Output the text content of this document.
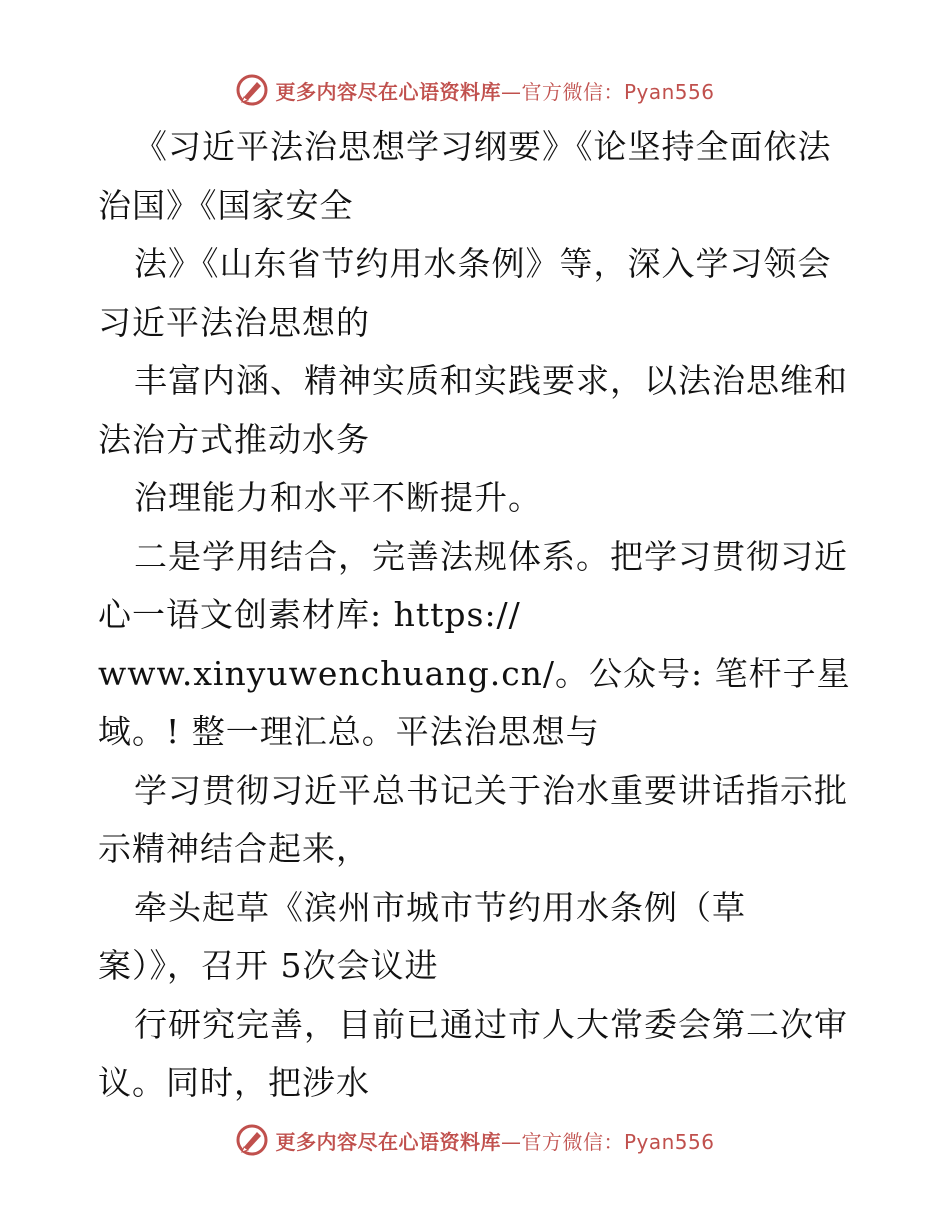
更多内容尽在心语资料库—官方微信：Pyan556
《习近平法治思想学习纲要》《论坚持全面依法
治国》《国家安全
法》《山东省节约用水条例》等，深入学习领会
习近平法治思想的
丰富内涵、精神实质和实践要求，以法治思维和
法治方式推动水务
治理能力和水平不断提升。
二是学用结合，完善法规体系。把学习贯彻习近
心一语文创素材库: https://
www.xinyuwenchuang.cn/。公众号: 笔杆子星
域。! 整一理汇总。平法治思想与
学习贯彻习近平总书记关于治水重要讲话指示批
示精神结合起来，
牵头起草《滨州市城市节约用水条例（草
案）》，召开 5次会议进
行研究完善，目前已通过市人大常委会第二次审
议。同时，把涉水
更多内容尽在心语资料库—官方微信：Pyan556
